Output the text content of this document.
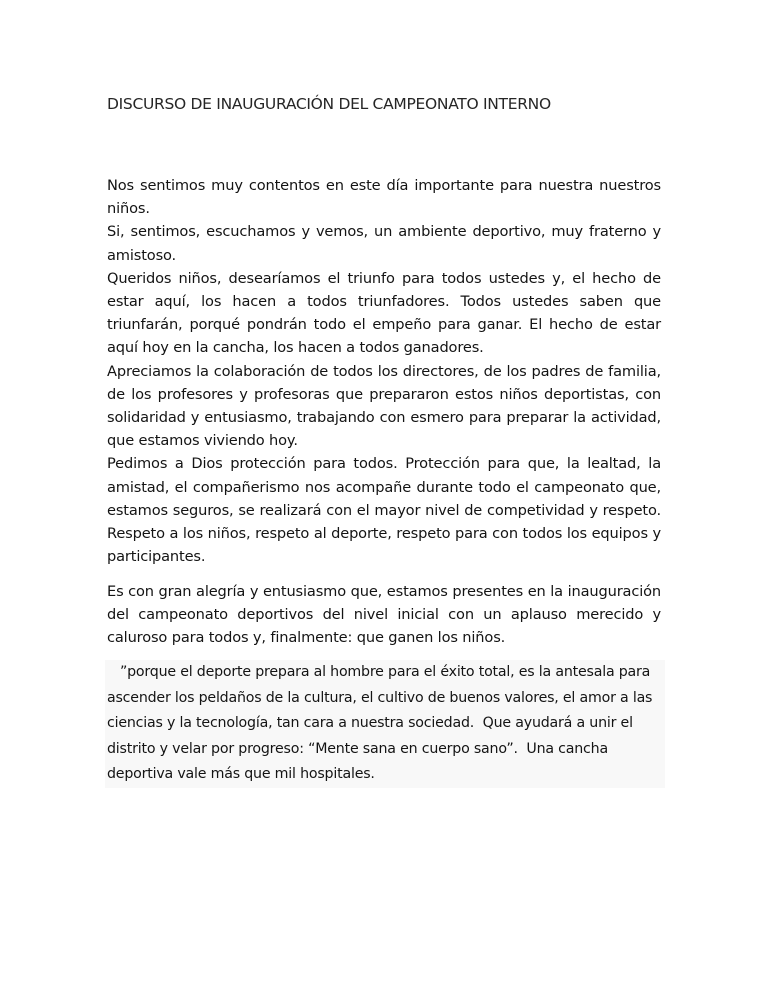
DISCURSO DE INAUGURACIÓN DEL CAMPEONATO INTERNO

Nos sentimos muy contentos en este día importante para nuestra nuestros niños.

Si, sentimos, escuchamos y vemos, un ambiente deportivo, muy fraterno y amistoso.

Queridos niños, desearíamos el triunfo para todos ustedes y, el hecho de estar aquí, los hacen a todos triunfadores. Todos ustedes saben que triunfarán, porqué pondrán todo el empeño para ganar. El hecho de estar aquí hoy en la cancha, los hacen a todos ganadores.

Apreciamos la colaboración de todos los directores, de los padres de familia, de los profesores y profesoras que prepararon estos niños deportistas, con solidaridad y entusiasmo, trabajando con esmero para preparar la actividad, que estamos viviendo hoy.

Pedimos a Dios protección para todos. Protección para que, la lealtad, la amistad, el compañerismo nos acompañe durante todo el campeonato que, estamos seguros, se realizará con el mayor nivel de competividad y respeto. Respeto a los niños, respeto al deporte, respeto para con todos los equipos y participantes.

Es con gran alegría y entusiasmo que, estamos presentes en la inauguración del campeonato deportivos del nivel inicial con un aplauso merecido y caluroso para todos y, finalmente: que ganen los niños.

”porque el deporte prepara al hombre para el éxito total, es la antesala para ascender los peldaños de la cultura, el cultivo de buenos valores, el amor a las ciencias y la tecnología, tan cara a nuestra sociedad.  Que ayudará a unir el distrito y velar por progreso: “Mente sana en cuerpo sano”.  Una cancha deportiva vale más que mil hospitales.
